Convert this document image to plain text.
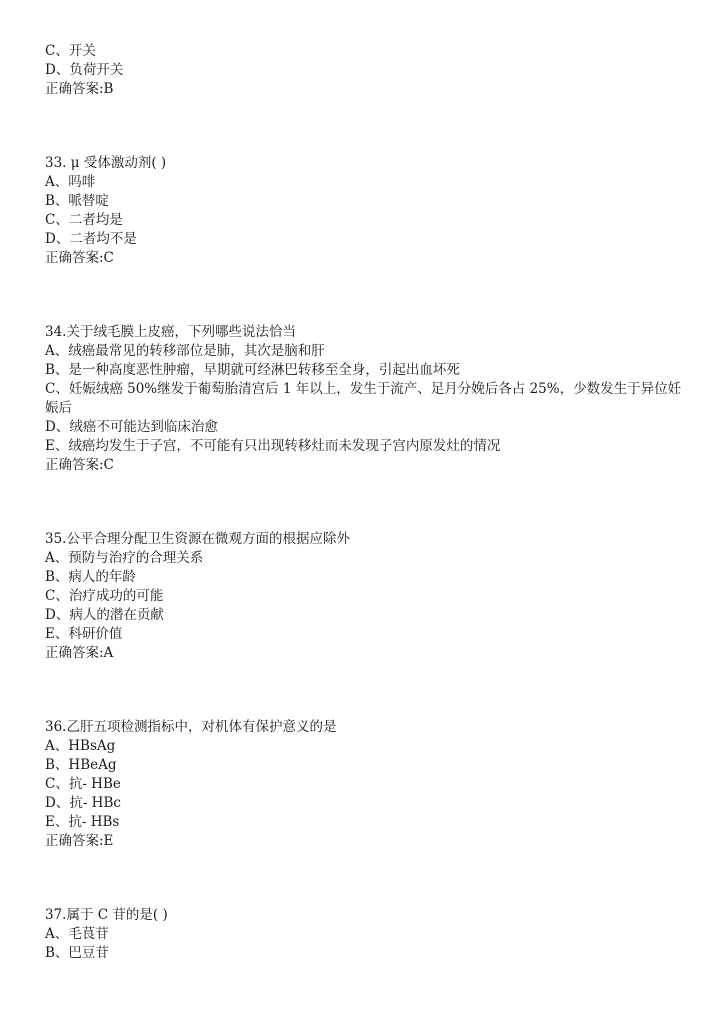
C、开关
D、负荷开关
正确答案:B
33. μ 受体激动剂( )
A、吗啡
B、哌替啶
C、二者均是
D、二者均不是
正确答案:C
34.关于绒毛膜上皮癌，下列哪些说法恰当
A、绒癌最常见的转移部位是肺，其次是脑和肝
B、是一种高度恶性肿瘤，早期就可经淋巴转移至全身，引起出血坏死
C、妊娠绒癌 50%继发于葡萄胎清宫后 1 年以上，发生于流产、足月分娩后各占 25%，少数发生于异位妊娠后
D、绒癌不可能达到临床治愈
E、绒癌均发生于子宫，不可能有只出现转移灶而未发现子宫内原发灶的情况
正确答案:C
35.公平合理分配卫生资源在微观方面的根据应除外
A、预防与治疗的合理关系
B、病人的年龄
C、治疗成功的可能
D、病人的潜在贡献
E、科研价值
正确答案:A
36.乙肝五项检测指标中，对机体有保护意义的是
A、HBsAg
B、HBeAg
C、抗- HBe
D、抗- HBc
E、抗- HBs
正确答案:E
37.属于 C 苷的是( )
A、毛茛苷
B、巴豆苷
